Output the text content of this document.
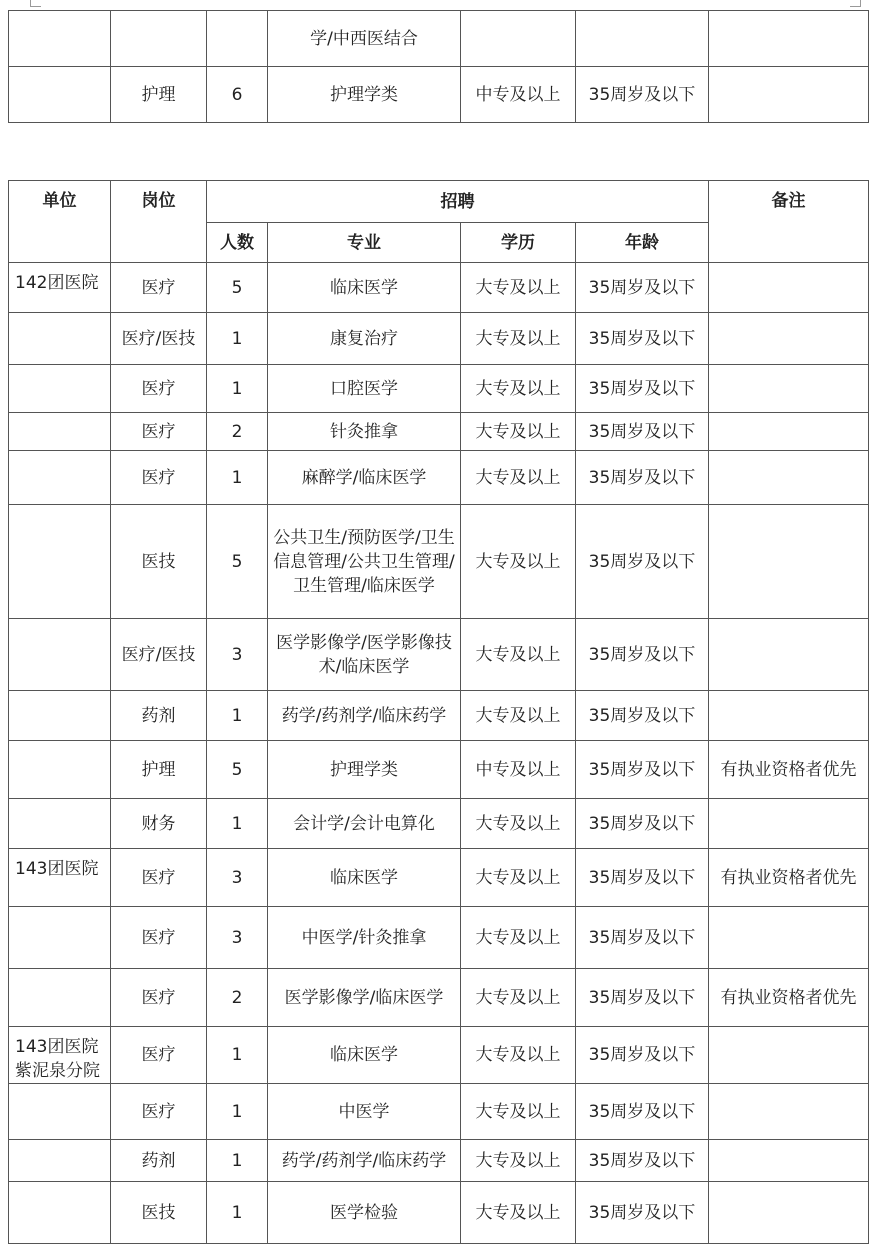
			学/中西医结合			
	护理	6	护理学类	中专及以上	35周岁及以下	
单位	岗位	招聘				备注
		人数	专业	学历	年龄	
142团医院	医疗	5	临床医学	大专及以上	35周岁及以下	
	医疗/医技	1	康复治疗	大专及以上	35周岁及以下	
	医疗	1	口腔医学	大专及以上	35周岁及以下	
	医疗	2	针灸推拿	大专及以上	35周岁及以下	
	医疗	1	麻醉学/临床医学	大专及以上	35周岁及以下	
	医技	5	公共卫生/预防医学/卫生信息管理/公共卫生管理/卫生管理/临床医学	大专及以上	35周岁及以下	
	医疗/医技	3	医学影像学/医学影像技术/临床医学	大专及以上	35周岁及以下	
	药剂	1	药学/药剂学/临床药学	大专及以上	35周岁及以下	
	护理	5	护理学类	中专及以上	35周岁及以下	有执业资格者优先
	财务	1	会计学/会计电算化	大专及以上	35周岁及以下	
143团医院	医疗	3	临床医学	大专及以上	35周岁及以下	有执业资格者优先
	医疗	3	中医学/针灸推拿	大专及以上	35周岁及以下	
	医疗	2	医学影像学/临床医学	大专及以上	35周岁及以下	有执业资格者优先
143团医院紫泥泉分院	医疗	1	临床医学	大专及以上	35周岁及以下	
	医疗	1	中医学	大专及以上	35周岁及以下	
	药剂	1	药学/药剂学/临床药学	大专及以上	35周岁及以下	
	医技	1	医学检验	大专及以上	35周岁及以下	
